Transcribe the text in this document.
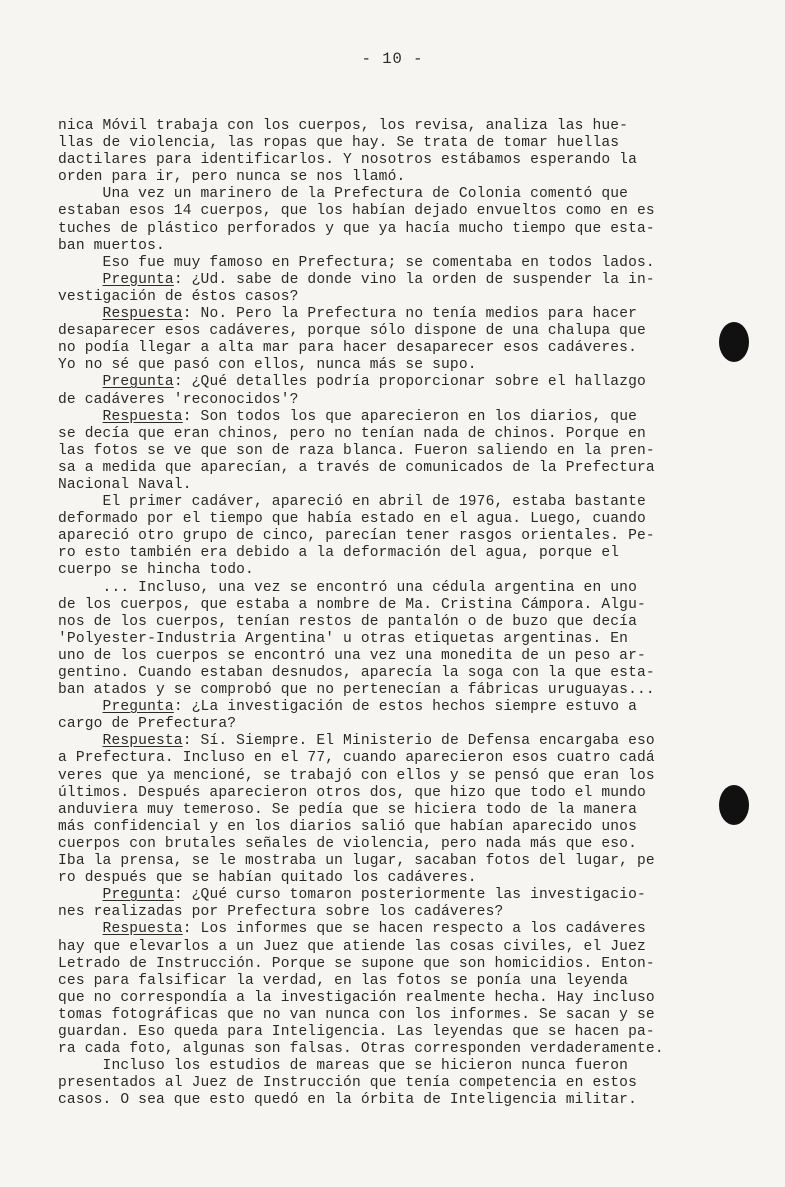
- 10 -
nica Móvil trabaja con los cuerpos, los revisa, analiza las hue-
llas de violencia, las ropas que hay. Se trata de tomar huellas
dactilares para identificarlos. Y nosotros estábamos esperando la
orden para ir, pero nunca se nos llamó.
Una vez un marinero de la Prefectura de Colonia comentó que
estaban esos 14 cuerpos, que los habían dejado envueltos como en es
tuches de plástico perforados y que ya hacía mucho tiempo que esta-
ban muertos.
Eso fue muy famoso en Prefectura; se comentaba en todos lados.
Pregunta: ¿Ud. sabe de donde vino la orden de suspender la in-
vestigación de éstos casos?
Respuesta: No. Pero la Prefectura no tenía medios para hacer
desaparecer esos cadáveres, porque sólo dispone de una chalupa que
no podía llegar a alta mar para hacer desaparecer esos cadáveres.
Yo no sé que pasó con ellos, nunca más se supo.
Pregunta: ¿Qué detalles podría proporcionar sobre el hallazgo
de cadáveres 'reconocidos'?
Respuesta: Son todos los que aparecieron en los diarios, que
se decía que eran chinos, pero no tenían nada de chinos. Porque en
las fotos se ve que son de raza blanca. Fueron saliendo en la pren-
sa a medida que aparecían, a través de comunicados de la Prefectura
Nacional Naval.
El primer cadáver, apareció en abril de 1976, estaba bastante
deformado por el tiempo que había estado en el agua. Luego, cuando
apareció otro grupo de cinco, parecían tener rasgos orientales. Pe-
ro esto también era debido a la deformación del agua, porque el
cuerpo se hincha todo.
... Incluso, una vez se encontró una cédula argentina en uno
de los cuerpos, que estaba a nombre de Ma. Cristina Cámpora. Algu-
nos de los cuerpos, tenían restos de pantalón o de buzo que decía
'Polyester-Industria Argentina' u otras etiquetas argentinas. En
uno de los cuerpos se encontró una vez una monedita de un peso ar-
gentino. Cuando estaban desnudos, aparecía la soga con la que esta-
ban atados y se comprobó que no pertenecían a fábricas uruguayas...
Pregunta: ¿La investigación de estos hechos siempre estuvo a
cargo de Prefectura?
Respuesta: Sí. Siempre. El Ministerio de Defensa encargaba eso
a Prefectura. Incluso en el 77, cuando aparecieron esos cuatro cadá
veres que ya mencioné, se trabajó con ellos y se pensó que eran los
últimos. Después aparecieron otros dos, que hizo que todo el mundo
anduviera muy temeroso. Se pedía que se hiciera todo de la manera
más confidencial y en los diarios salió que habían aparecido unos
cuerpos con brutales señales de violencia, pero nada más que eso.
Iba la prensa, se le mostraba un lugar, sacaban fotos del lugar, pe
ro después que se habían quitado los cadáveres.
Pregunta: ¿Qué curso tomaron posteriormente las investigacio-
nes realizadas por Prefectura sobre los cadáveres?
Respuesta: Los informes que se hacen respecto a los cadáveres
hay que elevarlos a un Juez que atiende las cosas civiles, el Juez
Letrado de Instrucción. Porque se supone que son homicidios. Enton-
ces para falsificar la verdad, en las fotos se ponía una leyenda
que no correspondía a la investigación realmente hecha. Hay incluso
tomas fotográficas que no van nunca con los informes. Se sacan y se
guardan. Eso queda para Inteligencia. Las leyendas que se hacen pa-
ra cada foto, algunas son falsas. Otras corresponden verdaderamente.
Incluso los estudios de mareas que se hicieron nunca fueron
presentados al Juez de Instrucción que tenía competencia en estos
casos. O sea que esto quedó en la órbita de Inteligencia militar.
